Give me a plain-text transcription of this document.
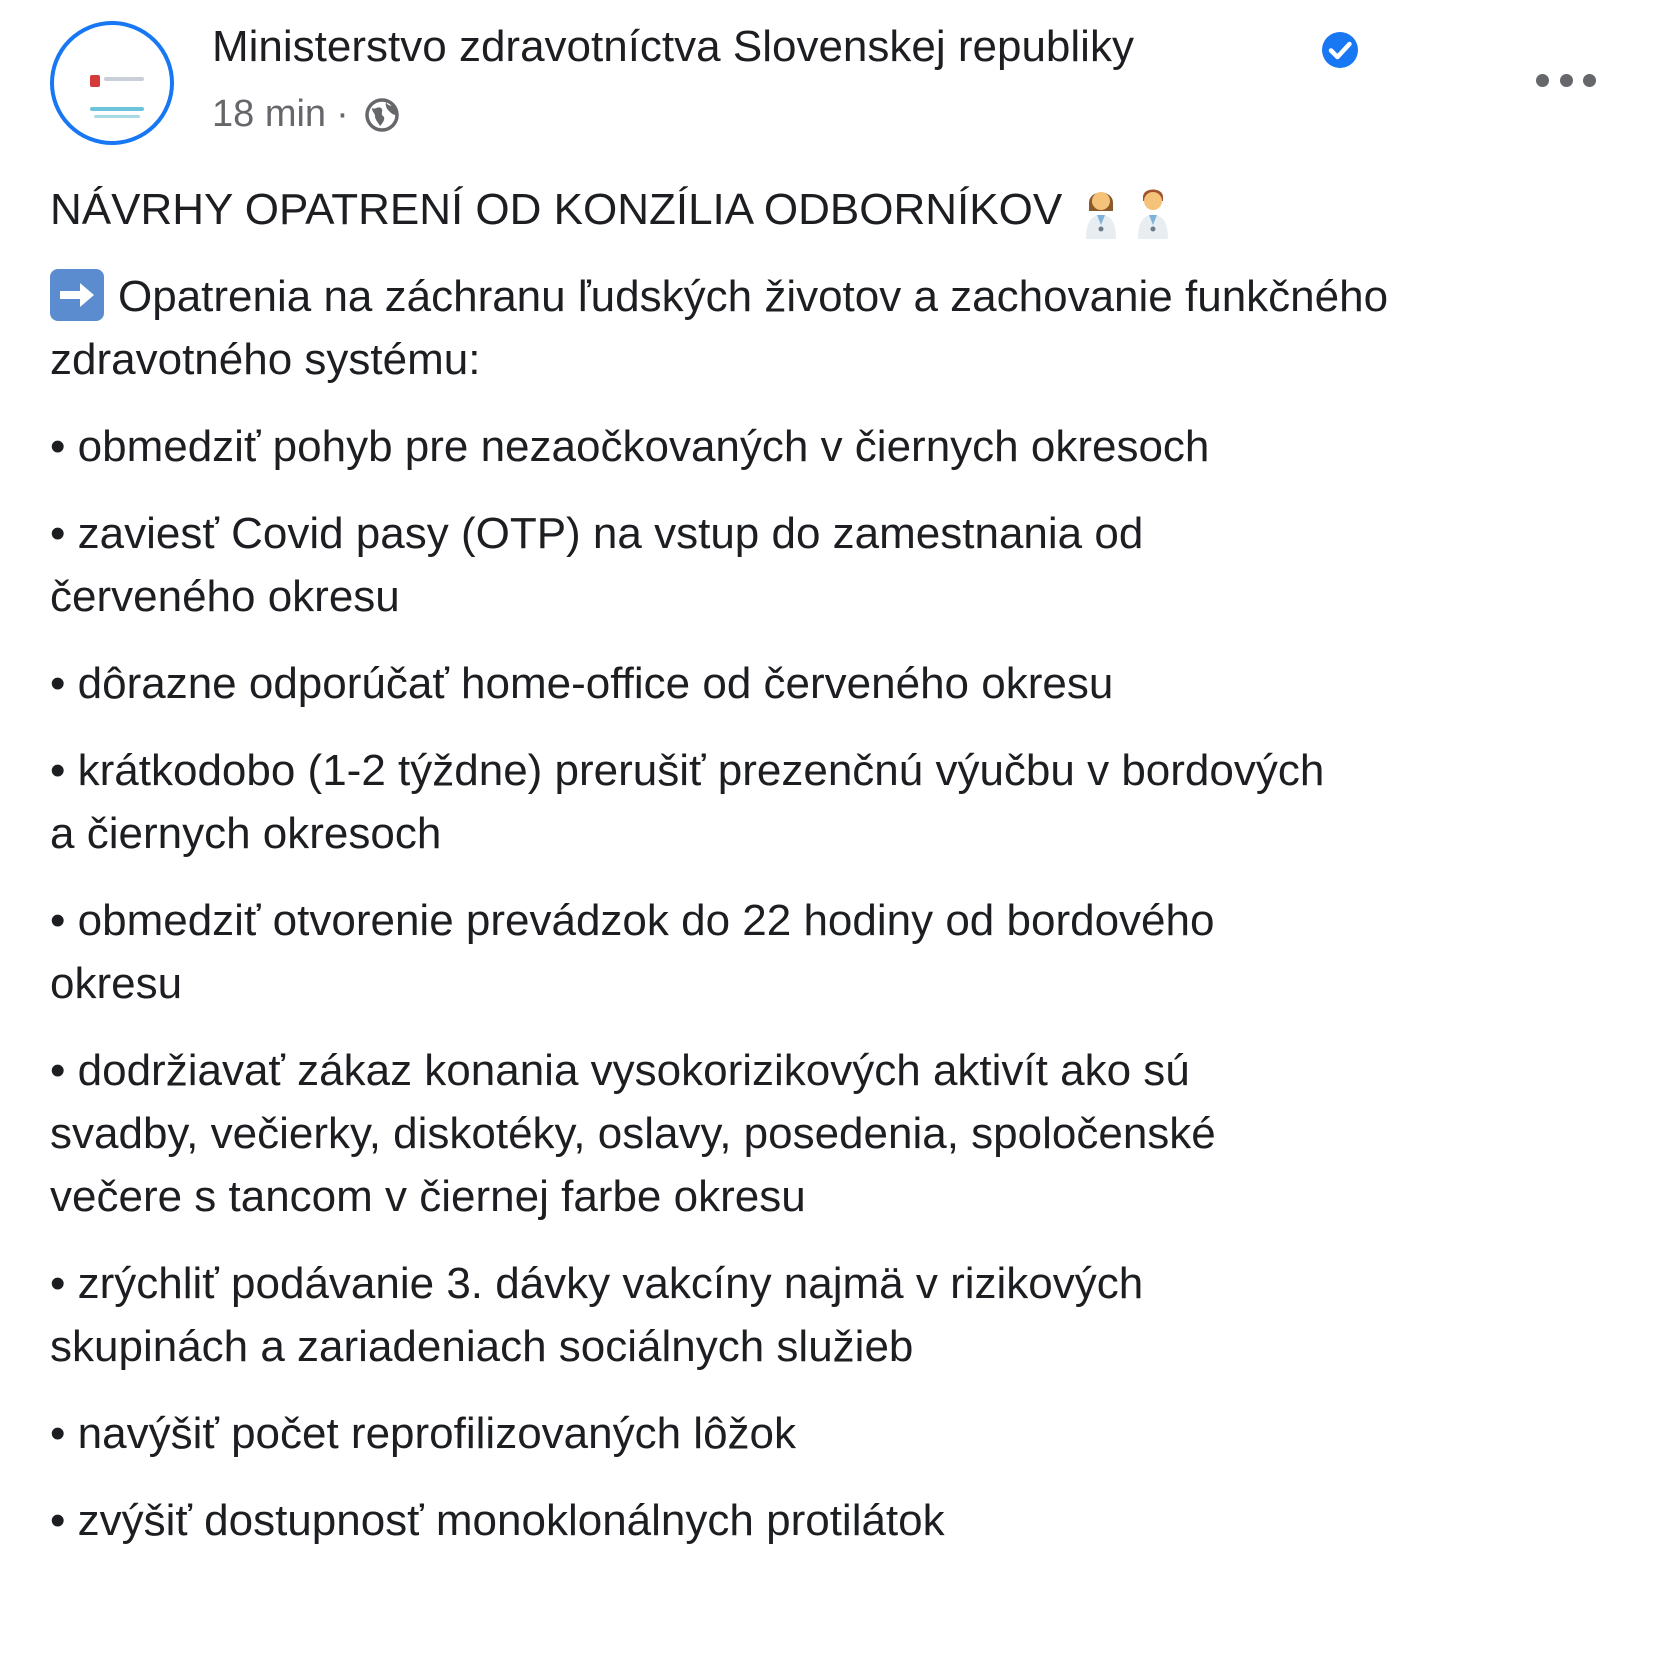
Ministerstvo zdravotníctva Slovenskej republiky
18 min ·

NÁVRHY OPATRENÍ OD KONZÍLIA ODBORNÍKOV

Opatrenia na záchranu ľudských životov a zachovanie funkčného zdravotného systému:

• obmedziť pohyb pre nezaočkovaných v čiernych okresoch

• zaviesť Covid pasy (OTP) na vstup do zamestnania od červeného okresu

• dôrazne odporúčať home-office od červeného okresu

• krátkodobo (1-2 týždne) prerušiť prezenčnú výučbu v bordových a čiernych okresoch

• obmedziť otvorenie prevádzok do 22 hodiny od bordového okresu

• dodržiavať zákaz konania vysokorizikových aktivít ako sú svadby, večierky, diskotéky, oslavy, posedenia, spoločenské večere s tancom v čiernej farbe okresu

• zrýchliť podávanie 3. dávky vakcíny najmä v rizikových skupinách a zariadeniach sociálnych služieb

• navýšiť počet reprofilizovaných lôžok

• zvýšiť dostupnosť monoklonálnych protilátok
